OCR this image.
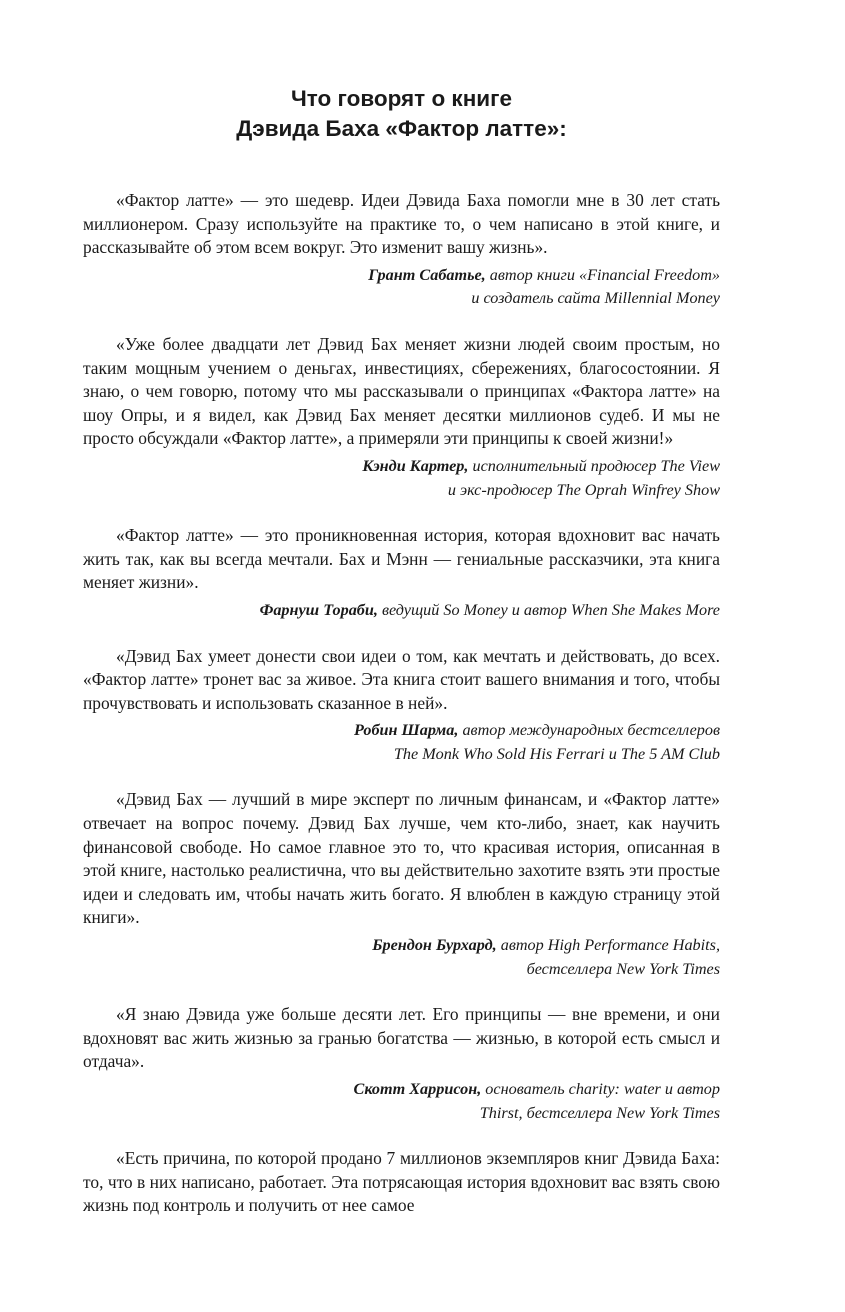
Что говорят о книге
Дэвида Баха «Фактор латте»:

«Фактор латте» — это шедевр. Идеи Дэвида Баха помогли мне в 30 лет стать миллионером. Сразу используйте на практике то, о чем написано в этой книге, и рассказывайте об этом всем вокруг. Это изменит вашу жизнь».

Грант Сабатье, автор книги «Financial Freedom»
и создатель сайта Millennial Money

«Уже более двадцати лет Дэвид Бах меняет жизни людей своим простым, но таким мощным учением о деньгах, инвестициях, сбережениях, благосостоянии. Я знаю, о чем говорю, потому что мы рассказывали о принципах «Фактора латте» на шоу Опры, и я видел, как Дэвид Бах меняет десятки миллионов судеб. И мы не просто обсуждали «Фактор латте», а примеряли эти принципы к своей жизни!»

Кэнди Картер, исполнительный продюсер The View
и экс-продюсер The Oprah Winfrey Show

«Фактор латте» — это проникновенная история, которая вдохновит вас начать жить так, как вы всегда мечтали. Бах и Мэнн — гениальные рассказчики, эта книга меняет жизни».

Фарнуш Тораби, ведущий So Money и автор When She Makes More

«Дэвид Бах умеет донести свои идеи о том, как мечтать и действовать, до всех. «Фактор латте» тронет вас за живое. Эта книга стоит вашего внимания и того, чтобы прочувствовать и использовать сказанное в ней».

Робин Шарма, автор международных бестселлеров
The Monk Who Sold His Ferrari и The 5 AM Club

«Дэвид Бах — лучший в мире эксперт по личным финансам, и «Фактор латте» отвечает на вопрос почему. Дэвид Бах лучше, чем кто-либо, знает, как научить финансовой свободе. Но самое главное это то, что красивая история, описанная в этой книге, настолько реалистична, что вы действительно захотите взять эти простые идеи и следовать им, чтобы начать жить богато. Я влюблен в каждую страницу этой книги».

Брендон Бурхард, автор High Performance Habits,
бестселлера New York Times

«Я знаю Дэвида уже больше десяти лет. Его принципы — вне времени, и они вдохновят вас жить жизнью за гранью богатства — жизнью, в которой есть смысл и отдача».

Скотт Харрисон, основатель charity: water и автор
Thirst, бестселлера New York Times

«Есть причина, по которой продано 7 миллионов экземпляров книг Дэвида Баха: то, что в них написано, работает. Эта потрясающая история вдохновит вас взять свою жизнь под контроль и получить от нее самое
